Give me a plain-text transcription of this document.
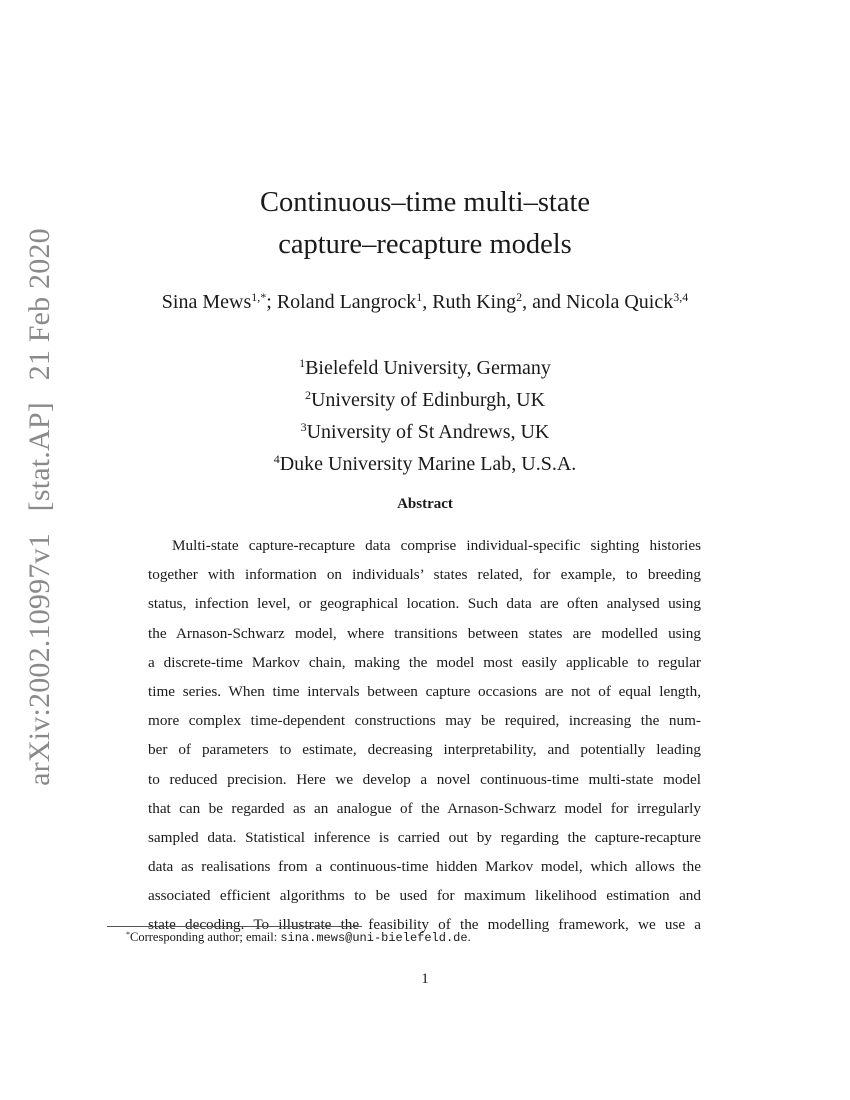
arXiv:2002.10997v1 [stat.AP] 21 Feb 2020
Continuous–time multi–state
capture–recapture models
Sina Mews$^{1,*}$; Roland Langrock$^1$, Ruth King$^2$, and Nicola Quick$^{3,4}$
$^1$Bielefeld University, Germany
$^2$University of Edinburgh, UK
$^3$University of St Andrews, UK
$^4$Duke University Marine Lab, U.S.A.
Abstract
Multi-state capture-recapture data comprise individual-specific sighting histories
together with information on individuals’ states related, for example, to breeding
status, infection level, or geographical location. Such data are often analysed using
the Arnason-Schwarz model, where transitions between states are modelled using
a discrete-time Markov chain, making the model most easily applicable to regular
time series. When time intervals between capture occasions are not of equal length,
more complex time-dependent constructions may be required, increasing the num-
ber of parameters to estimate, decreasing interpretability, and potentially leading
to reduced precision. Here we develop a novel continuous-time multi-state model
that can be regarded as an analogue of the Arnason-Schwarz model for irregularly
sampled data. Statistical inference is carried out by regarding the capture-recapture
data as realisations from a continuous-time hidden Markov model, which allows the
associated efficient algorithms to be used for maximum likelihood estimation and
state decoding. To illustrate the feasibility of the modelling framework, we use a
*Corresponding author; email: sina.mews@uni-bielefeld.de.
1
